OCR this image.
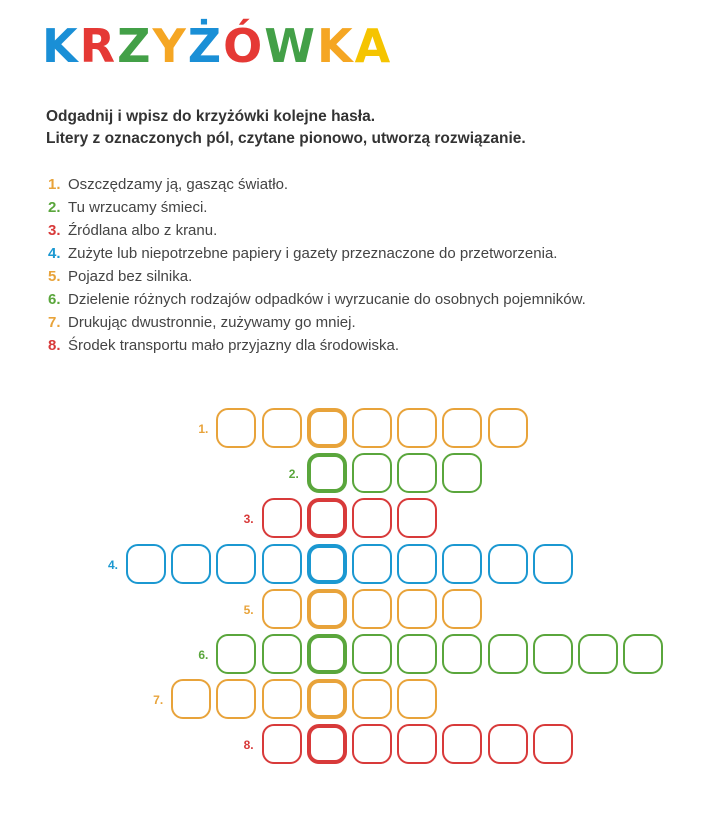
KRZYŻÓWKA

Odgadnij i wpisz do krzyżówki kolejne hasła.

Litery z oznaczonych pól, czytane pionowo, utworzą rozwiązanie.

1. Oszczędzamy ją, gasząc światło.
2. Tu wrzucamy śmieci.
3. Źródlana albo z kranu.
4. Zużyte lub niepotrzebne papiery i gazety przeznaczone do przetworzenia.
5. Pojazd bez silnika.
6. Dzielenie różnych rodzajów odpadków i wyrzucanie do osobnych pojemników.
7. Drukując dwustronnie, zużywamy go mniej.
8. Środek transportu mało przyjazny dla środowiska.
1.
2.
3.
4.
5.
6.
7.
8.
